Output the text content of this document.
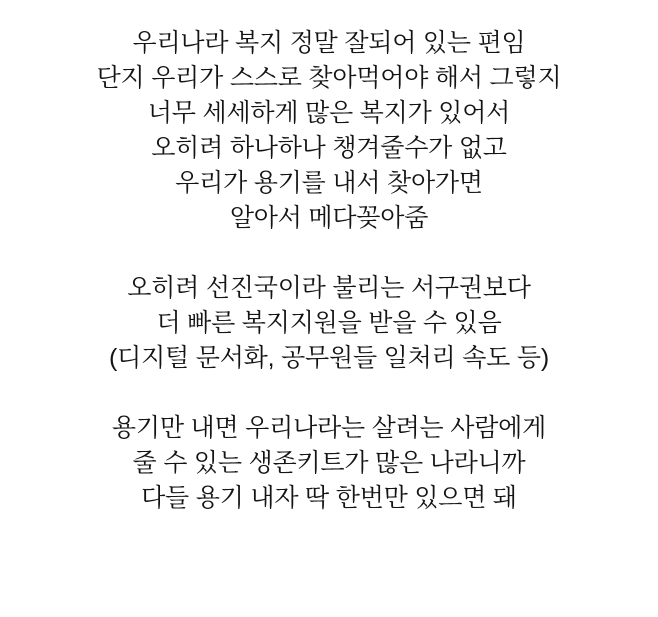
우리나라 복지 정말 잘되어 있는 편임
단지 우리가 스스로 찾아먹어야 해서 그렇지
너무 세세하게 많은 복지가 있어서
오히려 하나하나 챙겨줄수가 없고
우리가 용기를 내서 찾아가면
알아서 메다꽂아줌
오히려 선진국이라 불리는 서구권보다
더 빠른 복지지원을 받을 수 있음
(디지털 문서화, 공무원들 일처리 속도 등)
용기만 내면 우리나라는 살려는 사람에게
줄 수 있는 생존키트가 많은 나라니까
다들 용기 내자 딱 한번만 있으면 돼
